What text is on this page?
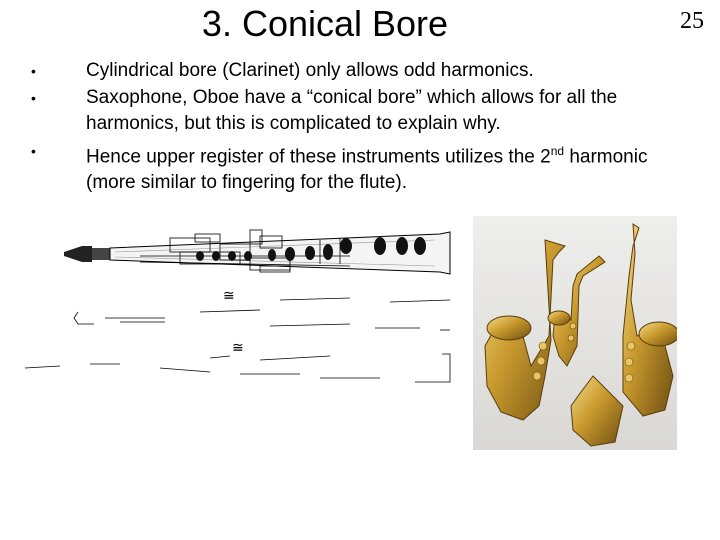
3. Conical Bore	25
•	Cylindrical bore (Clarinet) only allows odd harmonics.
•	Saxophone, Oboe have a “conical bore” which allows for all the harmonics, but this is complicated to explain why.
•	Hence upper register of these instruments utilizes the 2nd harmonic (more similar to fingering for the flute).
≅
≅
